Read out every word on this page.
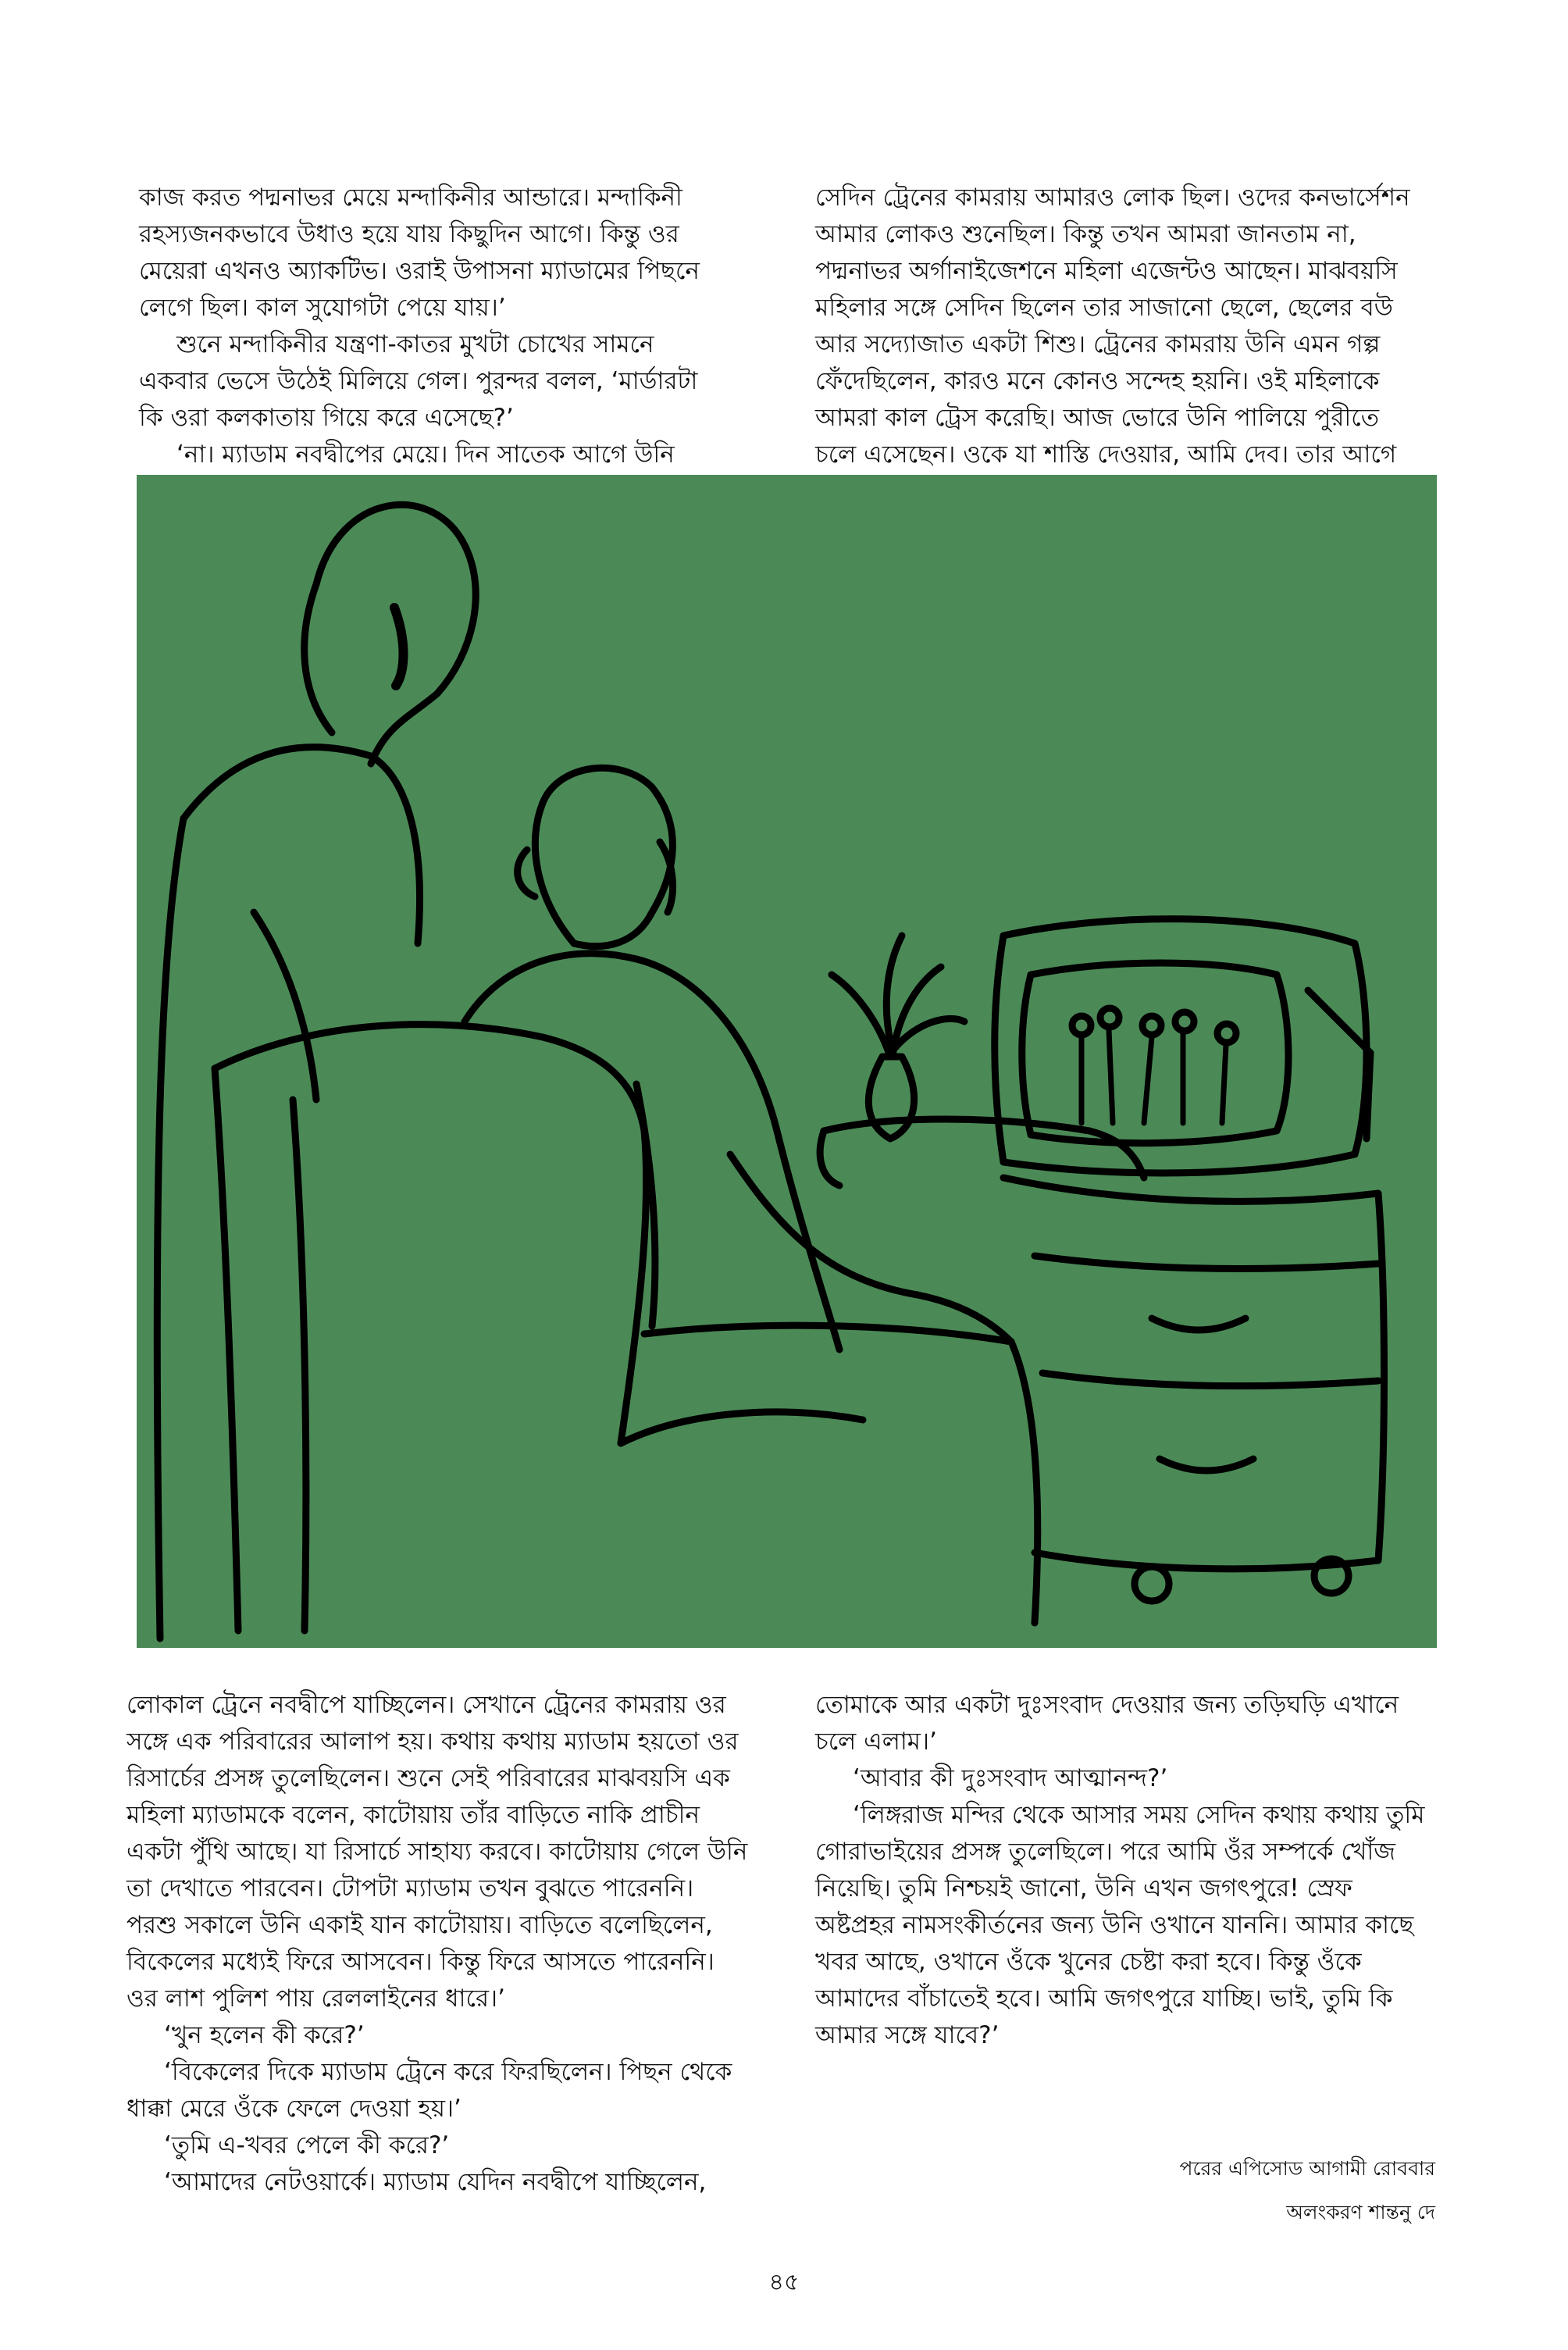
কাজ করত পদ্মনাভর মেয়ে মন্দাকিনীর আন্ডারে। মন্দাকিনী রহস্যজনকভাবে উধাও হয়ে যায় কিছুদিন আগে। কিন্তু ওর মেয়েরা এখনও অ্যাকটিভ। ওরাই উপাসনা ম্যাডামের পিছনে লেগে ছিল। কাল সুযোগটা পেয়ে যায়।’

শুনে মন্দাকিনীর যন্ত্রণা-কাতর মুখটা চোখের সামনে একবার ভেসে উঠেই মিলিয়ে গেল। পুরন্দর বলল, ‘মার্ডারটা কি ওরা কলকাতায় গিয়ে করে এসেছে?’

‘না। ম্যাডাম নবদ্বীপের মেয়ে। দিন সাতেক আগে উনি

সেদিন ট্রেনের কামরায় আমারও লোক ছিল। ওদের কনভার্সেশন আমার লোকও শুনেছিল। কিন্তু তখন আমরা জানতাম না, পদ্মনাভর অর্গানাইজেশনে মহিলা এজেন্টও আছেন। মাঝবয়সি মহিলার সঙ্গে সেদিন ছিলেন তার সাজানো ছেলে, ছেলের বউ আর সদ্যোজাত একটা শিশু। ট্রেনের কামরায় উনি এমন গল্প ফেঁদেছিলেন, কারও মনে কোনও সন্দেহ হয়নি। ওই মহিলাকে আমরা কাল ট্রেস করেছি। আজ ভোরে উনি পালিয়ে পুরীতে চলে এসেছেন। ওকে যা শাস্তি দেওয়ার, আমি দেব। তার আগে

লোকাল ট্রেনে নবদ্বীপে যাচ্ছিলেন। সেখানে ট্রেনের কামরায় ওর সঙ্গে এক পরিবারের আলাপ হয়। কথায় কথায় ম্যাডাম হয়তো ওর রিসার্চের প্রসঙ্গ তুলেছিলেন। শুনে সেই পরিবারের মাঝবয়সি এক মহিলা ম্যাডামকে বলেন, কাটোয়ায় তাঁর বাড়িতে নাকি প্রাচীন একটা পুঁথি আছে। যা রিসার্চে সাহায্য করবে। কাটোয়ায় গেলে উনি তা দেখাতে পারবেন। টোপটা ম্যাডাম তখন বুঝতে পারেননি। পরশু সকালে উনি একাই যান কাটোয়ায়। বাড়িতে বলেছিলেন, বিকেলের মধ্যেই ফিরে আসবেন। কিন্তু ফিরে আসতে পারেননি। ওর লাশ পুলিশ পায় রেললাইনের ধারে।’

‘খুন হলেন কী করে?’

‘বিকেলের দিকে ম্যাডাম ট্রেনে করে ফিরছিলেন। পিছন থেকে ধাক্কা মেরে ওঁকে ফেলে দেওয়া হয়।’

‘তুমি এ-খবর পেলে কী করে?’

‘আমাদের নেটওয়ার্কে। ম্যাডাম যেদিন নবদ্বীপে যাচ্ছিলেন,

তোমাকে আর একটা দুঃসংবাদ দেওয়ার জন্য তড়িঘড়ি এখানে চলে এলাম।’

‘আবার কী দুঃসংবাদ আত্মানন্দ?’

‘লিঙ্গরাজ মন্দির থেকে আসার সময় সেদিন কথায় কথায় তুমি গোরাভাইয়ের প্রসঙ্গ তুলেছিলে। পরে আমি ওঁর সম্পর্কে খোঁজ নিয়েছি। তুমি নিশ্চয়ই জানো, উনি এখন জগৎপুরে! স্রেফ অষ্টপ্রহর নামসংকীর্তনের জন্য উনি ওখানে যাননি। আমার কাছে খবর আছে, ওখানে ওঁকে খুনের চেষ্টা করা হবে। কিন্তু ওঁকে আমাদের বাঁচাতেই হবে। আমি জগৎপুরে যাচ্ছি। ভাই, তুমি কি আমার সঙ্গে যাবে?’

পরের এপিসোড আগামী রোববার
অলংকরণ শান্তনু দে
৪৫
